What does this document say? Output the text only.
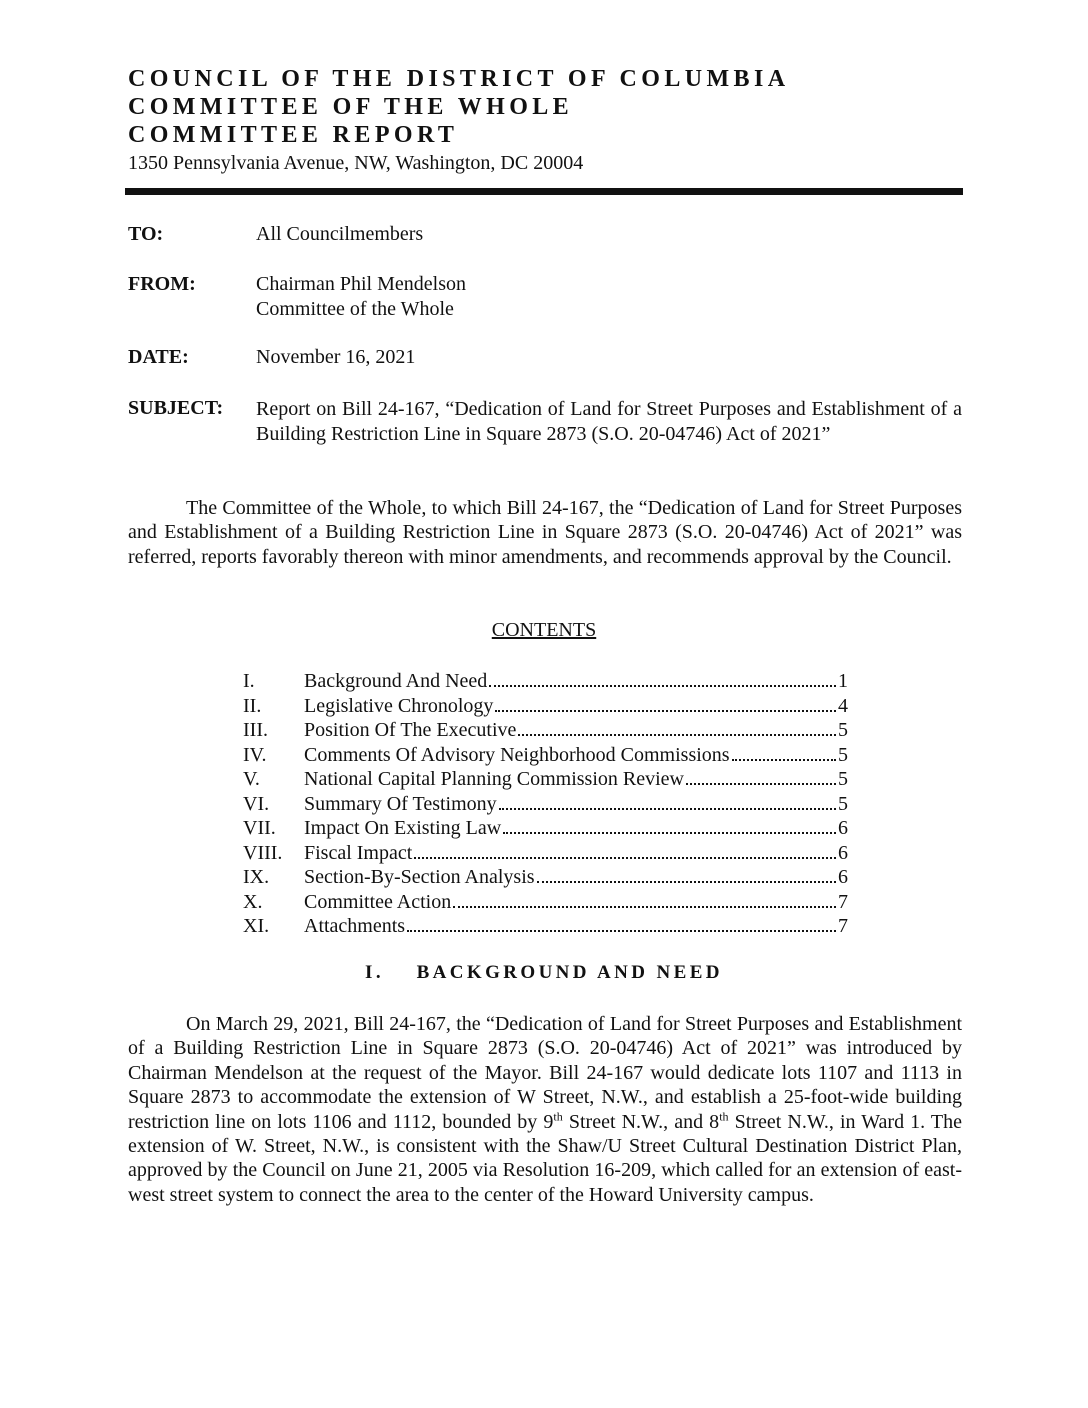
COUNCIL OF THE DISTRICT OF COLUMBIA
COMMITTEE OF THE WHOLE
COMMITTEE REPORT
1350 Pennsylvania Avenue, NW, Washington, DC 20004
TO:	All Councilmembers
FROM:	Chairman Phil Mendelson
Committee of the Whole
DATE:	November 16, 2021
SUBJECT: Report on Bill 24-167, “Dedication of Land for Street Purposes and Establishment of a Building Restriction Line in Square 2873 (S.O. 20-04746) Act of 2021”

The Committee of the Whole, to which Bill 24-167, the “Dedication of Land for Street Purposes and Establishment of a Building Restriction Line in Square 2873 (S.O. 20-04746) Act of 2021” was referred, reports favorably thereon with minor amendments, and recommends approval by the Council.

CONTENTS
I.	Background And Need	1
II.	Legislative Chronology	4
III.	Position Of The Executive	5
IV.	Comments Of Advisory Neighborhood Commissions	5
V.	National Capital Planning Commission Review	5
VI.	Summary Of Testimony	5
VII.	Impact On Existing Law	6
VIII.	Fiscal Impact	6
IX.	Section-By-Section Analysis	6
X.	Committee Action	7
XI.	Attachments	7
I.    BACKGROUND AND NEED

On March 29, 2021, Bill 24-167, the “Dedication of Land for Street Purposes and Establishment of a Building Restriction Line in Square 2873 (S.O. 20-04746) Act of 2021” was introduced by Chairman Mendelson at the request of the Mayor. Bill 24-167 would dedicate lots 1107 and 1113 in Square 2873 to accommodate the extension of W Street, N.W., and establish a 25-foot-wide building restriction line on lots 1106 and 1112, bounded by 9th Street N.W., and 8th Street N.W., in Ward 1. The extension of W. Street, N.W., is consistent with the Shaw/U Street Cultural Destination District Plan, approved by the Council on June 21, 2005 via Resolution 16-209, which called for an extension of east-west street system to connect the area to the center of the Howard University campus.
